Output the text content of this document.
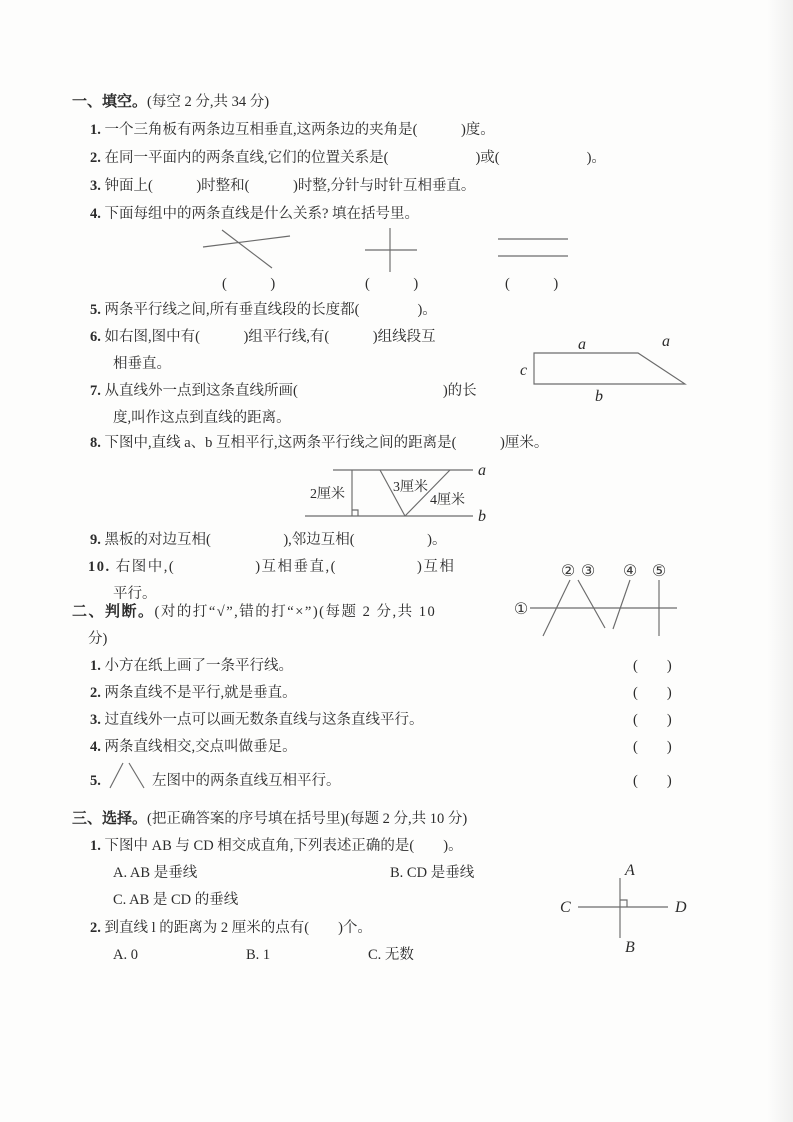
一、填空。(每空 2 分,共 34 分)
1. 一个三角板有两条边互相垂直,这两条边的夹角是(　　　)度。
2. 在同一平面内的两条直线,它们的位置关系是(　　　　　　)或(　　　　　　)。
3. 钟面上(　　　)时整和(　　　)时整,分针与时针互相垂直。
4. 下面每组中的两条直线是什么关系? 填在括号里。
(　　　)	(　　　)	(　　　)
5. 两条平行线之间,所有垂直线段的长度都(　　　　)。
6. 如右图,图中有(　　　)组平行线,有(　　　)组线段互
相垂直。
a	a
c
b
7. 从直线外一点到这条直线所画(　　　　　　　　　　)的长
度,叫作这点到直线的距离。
8. 下图中,直线 a、b 互相平行,这两条平行线之间的距离是(　　　)厘米。
a
b
2厘米	3厘米
4厘米
9. 黑板的对边互相(　　　　　),邻边互相(　　　　　)。
10. 右图中,(　　　　　)互相垂直,(　　　　　)互相
平行。
①
② ③ ④ ⑤
二、判断。(对的打“√”,错的打“×”)(每题 2 分,共 10
分)
1. 小方在纸上画了一条平行线。	(　　)
2. 两条直线不是平行,就是垂直。	(　　)
3. 过直线外一点可以画无数条直线与这条直线平行。	(　　)
4. 两条直线相交,交点叫做垂足。	(　　)
5.	左图中的两条直线互相平行。	(　　)
三、选择。(把正确答案的序号填在括号里)(每题 2 分,共 10 分)
1. 下图中 AB 与 CD 相交成直角,下列表述正确的是(　　)。
A. AB 是垂线	B. CD 是垂线
C. AB 是 CD 的垂线
A
B
C	D
2. 到直线 l 的距离为 2 厘米的点有(　　)个。
A. 0	B. 1	C. 无数
